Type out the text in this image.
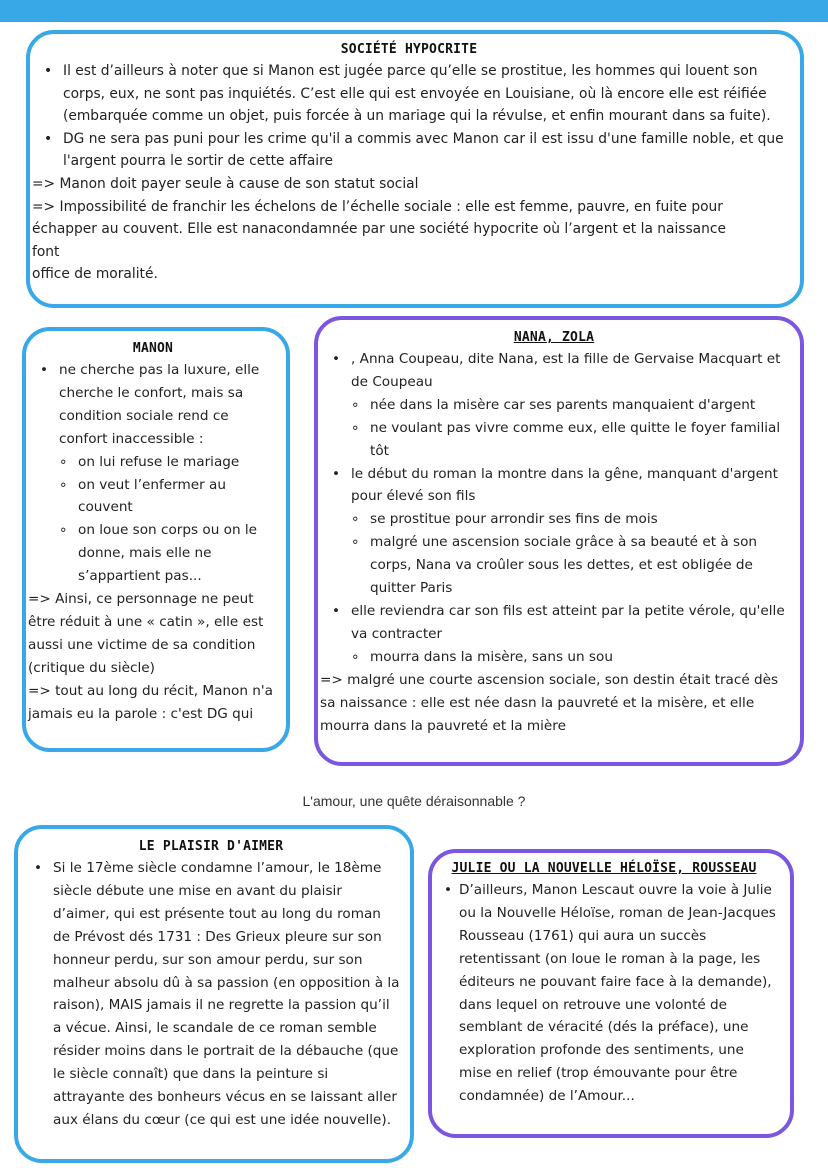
SOCIÉTÉ HYPOCRITE
• Il est d’ailleurs à noter que si Manon est jugée parce qu’elle se prostitue, les hommes qui louent son corps, eux, ne sont pas inquiétés. C’est elle qui est envoyée en Louisiane, où là encore elle est réifiée (embarquée comme un objet, puis forcée à un mariage qui la révulse, et enfin mourant dans sa fuite).
• DG ne sera pas puni pour les crime qu'il a commis avec Manon car il est issu d'une famille noble, et que l'argent pourra le sortir de cette affaire

=> Manon doit payer seule à cause de son statut social

=> Impossibilité de franchir les échelons de l’échelle sociale : elle est femme, pauvre, en fuite pour échapper au couvent. Elle est nanacondamnée par une société hypocrite où l’argent et la naissance

font

office de moralité.

MANON
• ne cherche pas la luxure, elle cherche le confort, mais sa condition sociale rend ce confort inaccessible :
∘ on lui refuse le mariage
∘ on veut l’enfermer au couvent
∘ on loue son corps ou on le donne, mais elle ne s’appartient pas...

=> Ainsi, ce personnage ne peut être réduit à une « catin », elle est aussi une victime de sa condition (critique du siècle)

=> tout au long du récit, Manon n'a jamais eu la parole : c'est DG qui

NANA, ZOLA
• , Anna Coupeau, dite Nana, est la fille de Gervaise Macquart et de Coupeau
∘ née dans la misère car ses parents manquaient d'argent
∘ ne voulant pas vivre comme eux, elle quitte le foyer familial tôt
• le début du roman la montre dans la gêne, manquant d'argent pour élevé son fils
∘ se prostitue pour arrondir ses fins de mois
∘ malgré une ascension sociale grâce à sa beauté et à son corps, Nana va croûler sous les dettes, et est obligée de quitter Paris
• elle reviendra car son fils est atteint par la petite vérole, qu'elle va contracter
∘ mourra dans la misère, sans un sou

=> malgré une courte ascension sociale, son destin était tracé dès sa naissance : elle est née dasn la pauvreté et la misère, et elle mourra dans la pauvreté et la mière

L'amour, une quête déraisonnable ?
LE PLAISIR D'AIMER
• Si le 17ème siècle condamne l’amour, le 18ème siècle débute une mise en avant du plaisir d’aimer, qui est présente tout au long du roman de Prévost dés 1731 : Des Grieux pleure sur son honneur perdu, sur son amour perdu, sur son malheur absolu dû à sa passion (en opposition à la raison), MAIS jamais il ne regrette la passion qu’il a vécue. Ainsi, le scandale de ce roman semble résider moins dans le portrait de la débauche (que le siècle connaît) que dans la peinture si attrayante des bonheurs vécus en se laissant aller aux élans du cœur (ce qui est une idée nouvelle).
JULIE OU LA NOUVELLE HÉLOÏSE, ROUSSEAU
• D’ailleurs, Manon Lescaut ouvre la voie à Julie ou la Nouvelle Héloïse, roman de Jean-Jacques Rousseau (1761) qui aura un succès retentissant (on loue le roman à la page, les éditeurs ne pouvant faire face à la demande), dans lequel on retrouve une volonté de semblant de véracité (dés la préface), une exploration profonde des sentiments, une mise en relief (trop émouvante pour être condamnée) de l’Amour...
